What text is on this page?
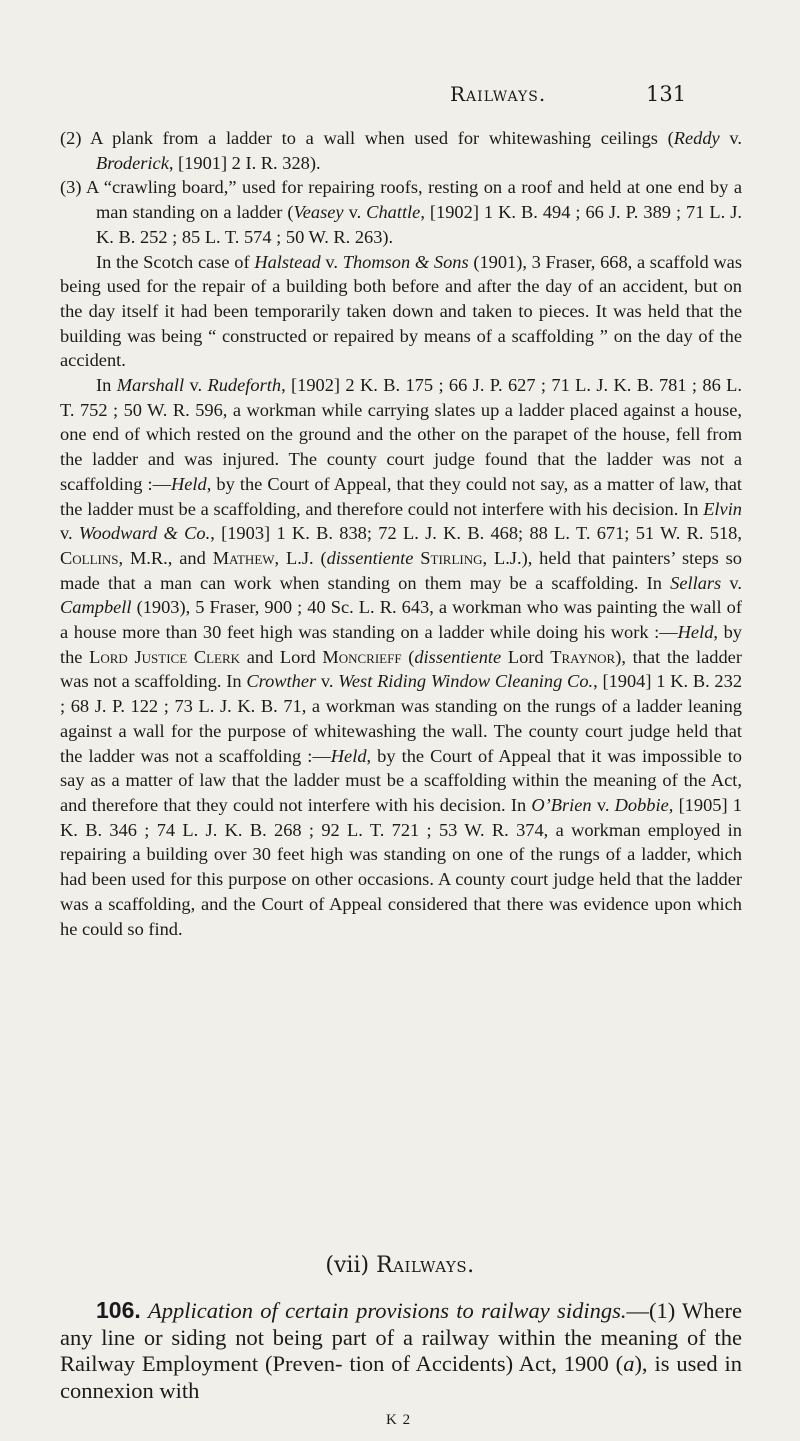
Railways.	131

(2) A plank from a ladder to a wall when used for whitewashing ceilings (Reddy v. Broderick, [1901] 2 I. R. 328).

(3) A “crawling board,” used for repairing roofs, resting on a roof and held at one end by a man standing on a ladder (Veasey v. Chattle, [1902] 1 K. B. 494 ; 66 J. P. 389 ; 71 L. J. K. B. 252 ; 85 L. T. 574 ; 50 W. R. 263).

In the Scotch case of Halstead v. Thomson & Sons (1901), 3 Fraser, 668, a scaffold was being used for the repair of a building both before and after the day of an accident, but on the day itself it had been temporarily taken down and taken to pieces. It was held that the building was being “ constructed or repaired by means of a scaffolding ” on the day of the accident.

In Marshall v. Rudeforth, [1902] 2 K. B. 175 ; 66 J. P. 627 ; 71 L. J. K. B. 781 ; 86 L. T. 752 ; 50 W. R. 596, a workman while carrying slates up a ladder placed against a house, one end of which rested on the ground and the other on the parapet of the house, fell from the ladder and was injured. The county court judge found that the ladder was not a scaffolding :—Held, by the Court of Appeal, that they could not say, as a matter of law, that the ladder must be a scaffolding, and therefore could not interfere with his decision. In Elvin v. Woodward & Co., [1903] 1 K. B. 838; 72 L. J. K. B. 468; 88 L. T. 671; 51 W. R. 518, Collins, M.R., and Mathew, L.J. (dissentiente Stirling, L.J.), held that painters’ steps so made that a man can work when standing on them may be a scaffolding. In Sellars v. Campbell (1903), 5 Fraser, 900 ; 40 Sc. L. R. 643, a workman who was painting the wall of a house more than 30 feet high was standing on a ladder while doing his work :—Held, by the Lord Justice Clerk and Lord Moncrieff (dissentiente Lord Traynor), that the ladder was not a scaffolding. In Crowther v. West Riding Window Cleaning Co., [1904] 1 K. B. 232 ; 68 J. P. 122 ; 73 L. J. K. B. 71, a workman was standing on the rungs of a ladder leaning against a wall for the purpose of whitewashing the wall. The county court judge held that the ladder was not a scaffolding :—Held, by the Court of Appeal that it was impossible to say as a matter of law that the ladder must be a scaffolding within the meaning of the Act, and therefore that they could not interfere with his decision. In O’Brien v. Dobbie, [1905] 1 K. B. 346 ; 74 L. J. K. B. 268 ; 92 L. T. 721 ; 53 W. R. 374, a workman employed in repairing a building over 30 feet high was standing on one of the rungs of a ladder, which had been used for this purpose on other occasions. A county court judge held that the ladder was a scaffolding, and the Court of Appeal considered that there was evidence upon which he could so find.

(vii) Railways.

106. Application of certain provisions to railway sidings.—(1) Where any line or siding not being part of a railway within the meaning of the Railway Employment (Preven- tion of Accidents) Act, 1900 (a), is used in connexion with

K 2
